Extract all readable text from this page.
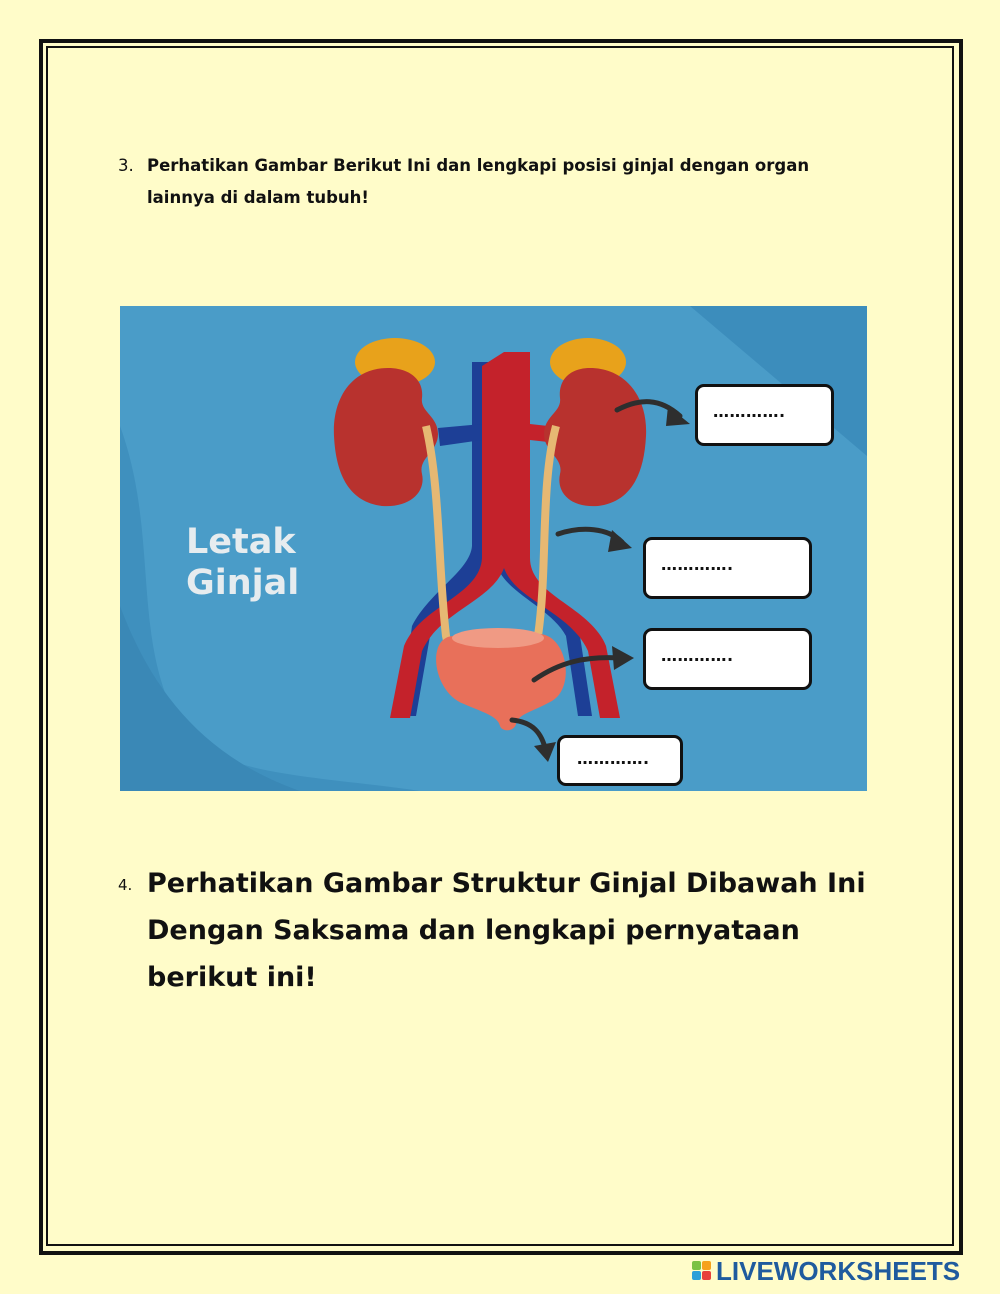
3. Perhatikan Gambar Berikut Ini dan lengkapi posisi ginjal dengan organ lainnya di dalam tubuh!
Letak
Ginjal
………….
………….
………….
………….
4. Perhatikan Gambar Struktur Ginjal Dibawah Ini Dengan Saksama dan lengkapi pernyataan berikut ini!
LIVEWORKSHEETS
